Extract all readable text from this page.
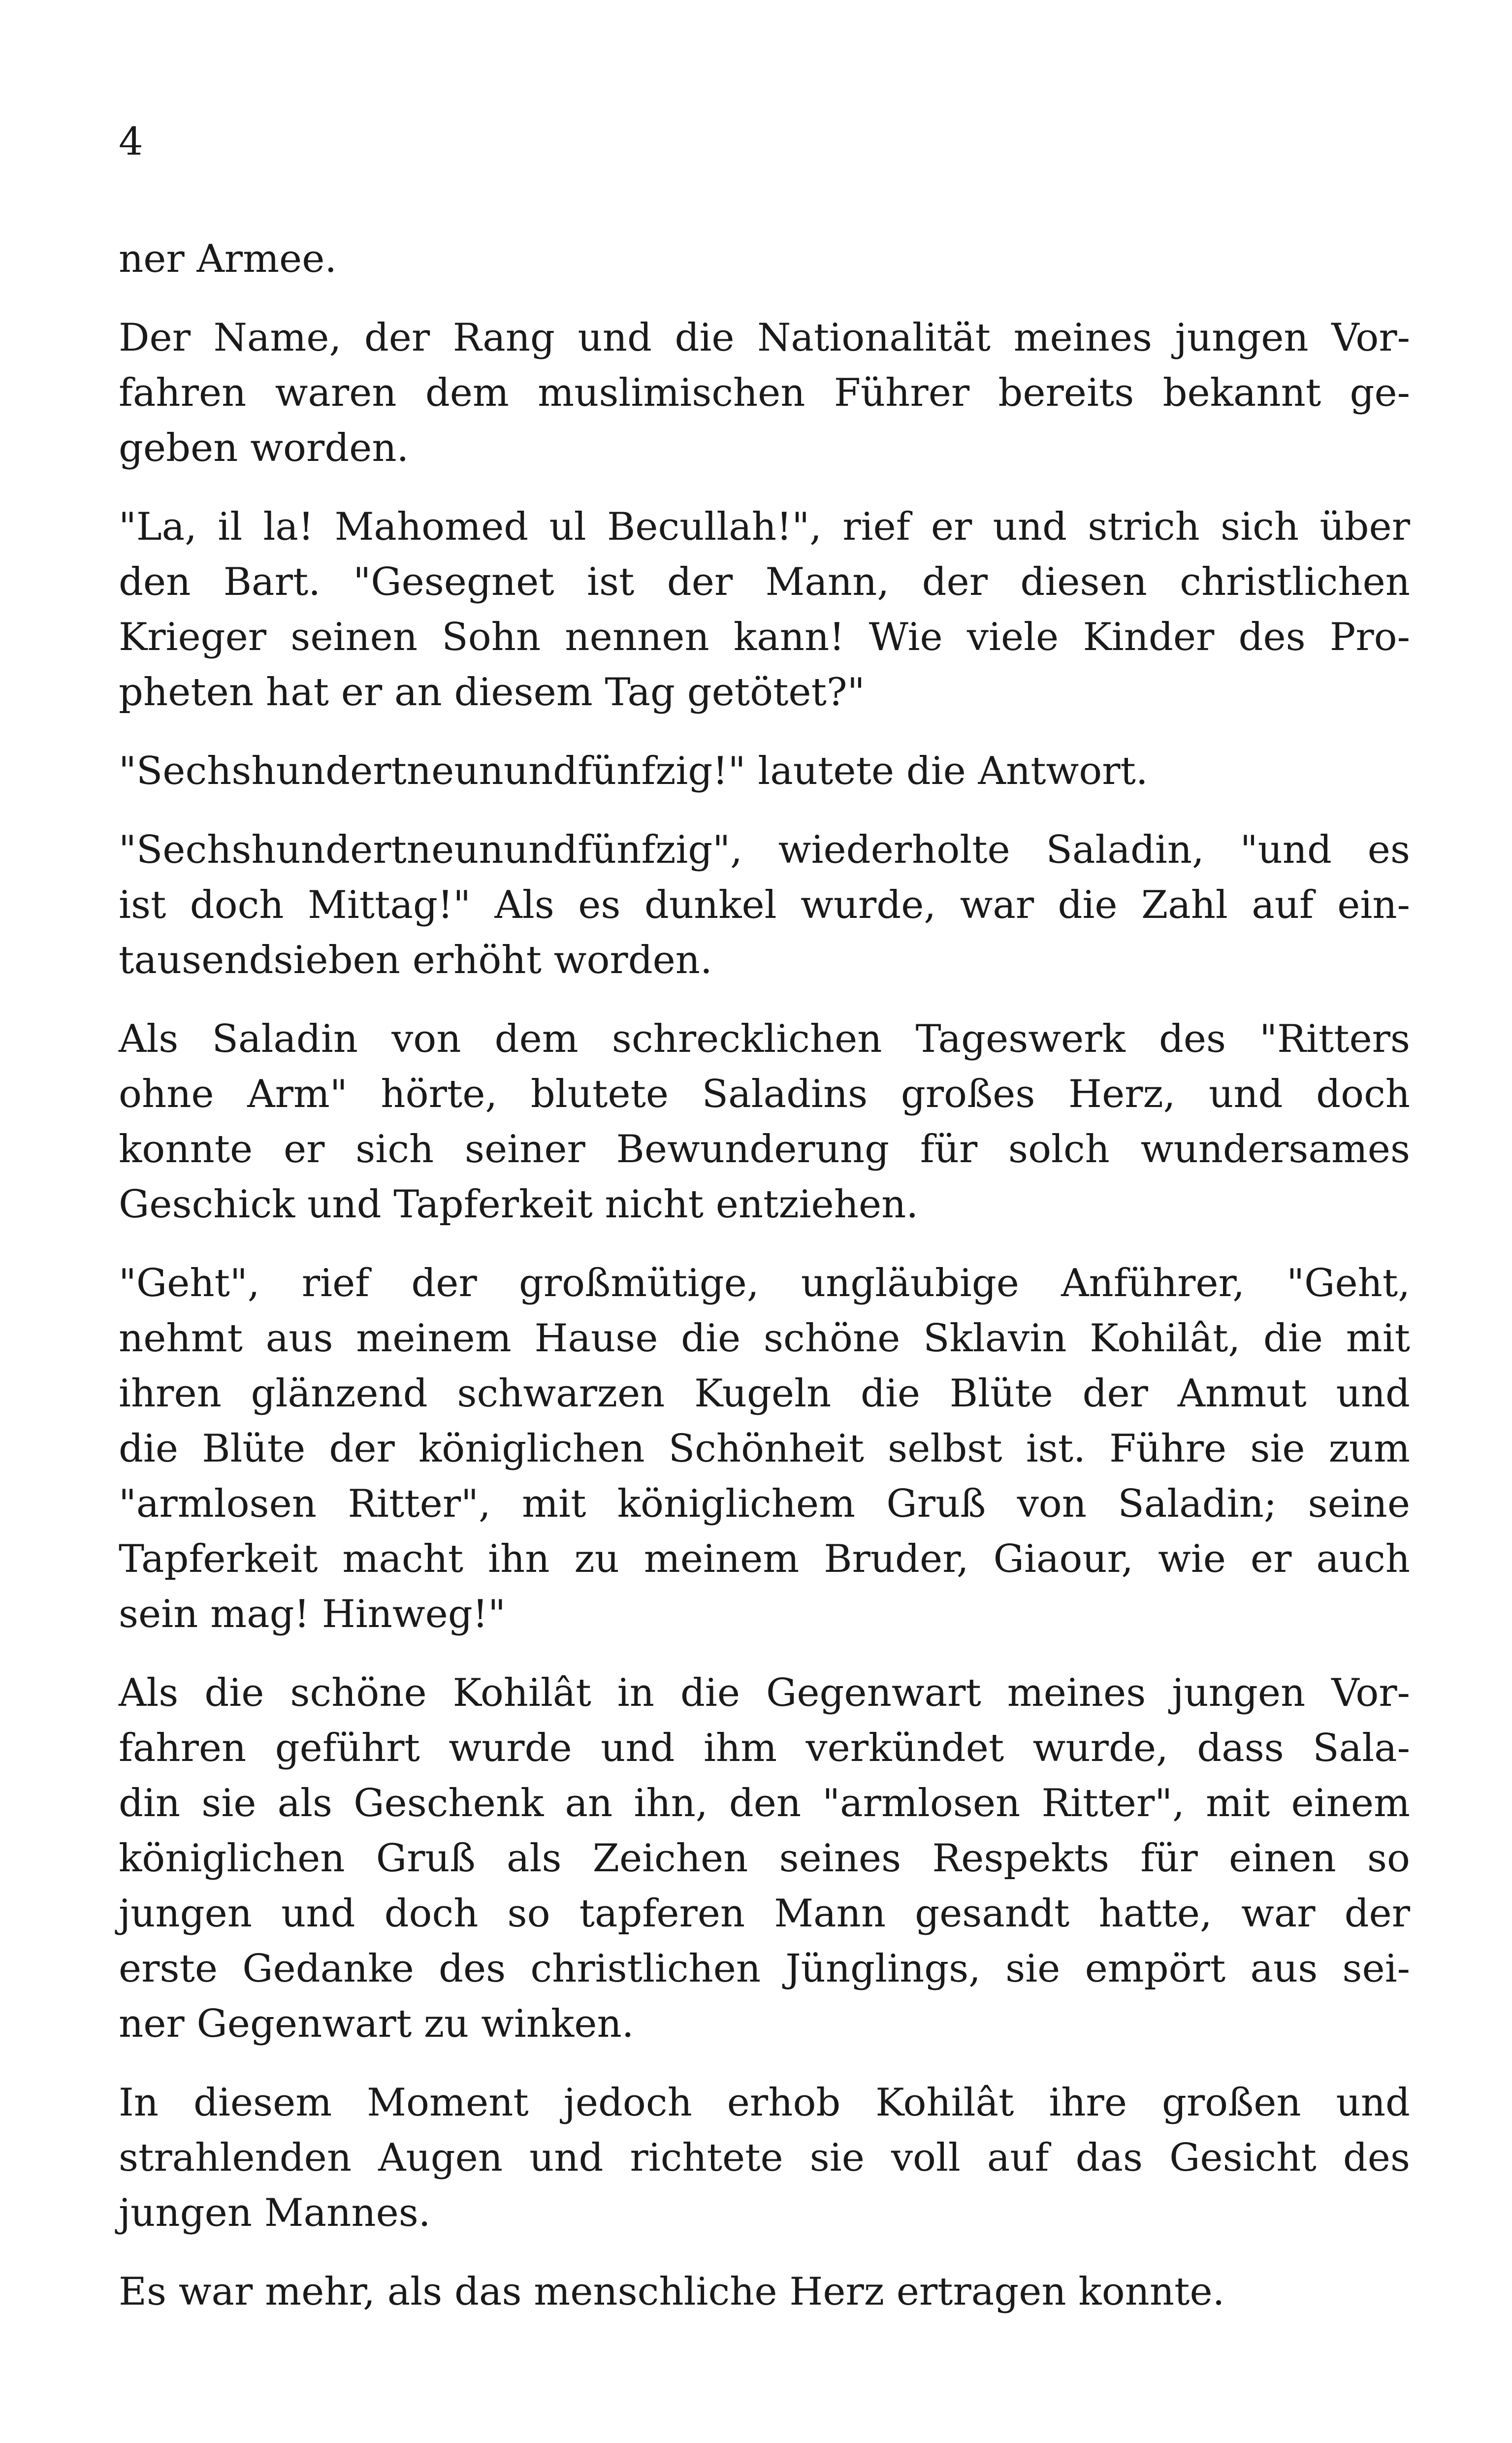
4

ner Armee.

Der Name, der Rang und die Nationalität meines jungen Vor-
fahren waren dem muslimischen Führer bereits bekannt ge-
geben worden.

"La, il la! Mahomed ul Becullah!", rief er und strich sich über
den Bart. "Gesegnet ist der Mann, der diesen christlichen
Krieger seinen Sohn nennen kann! Wie viele Kinder des Pro-
pheten hat er an diesem Tag getötet?"

"Sechshundertneunundfünfzig!" lautete die Antwort.

"Sechshundertneunundfünfzig", wiederholte Saladin, "und es
ist doch Mittag!" Als es dunkel wurde, war die Zahl auf ein-
tausendsieben erhöht worden.

Als Saladin von dem schrecklichen Tageswerk des "Ritters
ohne Arm" hörte, blutete Saladins großes Herz, und doch
konnte er sich seiner Bewunderung für solch wundersames
Geschick und Tapferkeit nicht entziehen.

"Geht", rief der großmütige, ungläubige Anführer, "Geht,
nehmt aus meinem Hause die schöne Sklavin Kohilât, die mit
ihren glänzend schwarzen Kugeln die Blüte der Anmut und
die Blüte der königlichen Schönheit selbst ist. Führe sie zum
"armlosen Ritter", mit königlichem Gruß von Saladin; seine
Tapferkeit macht ihn zu meinem Bruder, Giaour, wie er auch
sein mag! Hinweg!"

Als die schöne Kohilât in die Gegenwart meines jungen Vor-
fahren geführt wurde und ihm verkündet wurde, dass Sala-
din sie als Geschenk an ihn, den "armlosen Ritter", mit einem
königlichen Gruß als Zeichen seines Respekts für einen so
jungen und doch so tapferen Mann gesandt hatte, war der
erste Gedanke des christlichen Jünglings, sie empört aus sei-
ner Gegenwart zu winken.

In diesem Moment jedoch erhob Kohilât ihre großen und
strahlenden Augen und richtete sie voll auf das Gesicht des
jungen Mannes.

Es war mehr, als das menschliche Herz ertragen konnte.
